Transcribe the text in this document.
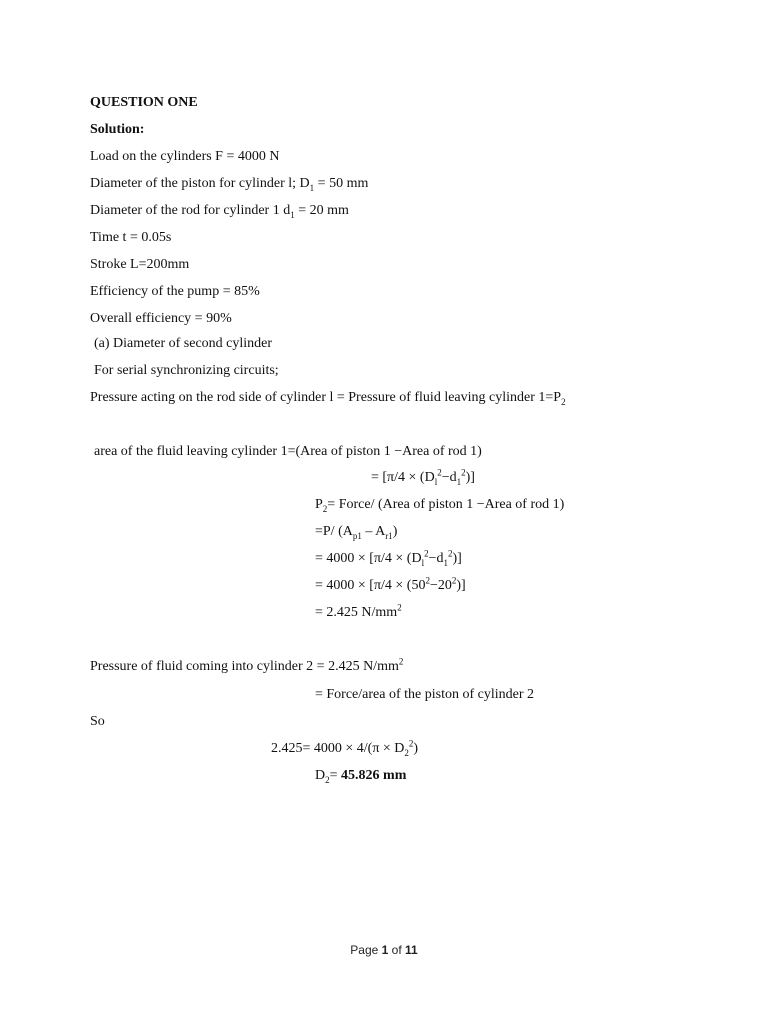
QUESTION ONE
Solution:
Load on the cylinders F = 4000 N
Diameter of the piston for cylinder l; $D_1 = 50$ mm
Diameter of the rod for cylinder 1 $d_1 = 20$ mm
Time t = 0.05s
Stroke L=200mm
Efficiency of the pump = 85%
Overall efficiency = 90%
(a) Diameter of second cylinder
For serial synchronizing circuits;
Pressure acting on the rod side of cylinder l = Pressure of fluid leaving cylinder $1=P_2$
area of the fluid leaving cylinder 1=(Area of piston 1 −Area of rod 1)
= $[\pi/4 \times (D_l^2-d_1^2)]$
$P_2=$ Force/ (Area of piston 1 −Area of rod 1)
=P/ $(A_{p1} - A_{r1})$
= $4000 \times [\pi/4 \times (D_l^2-d_1^2)]$
= $4000 \times [\pi/4 \times (50^2-20^2)]$
= 2.425 $N/mm^2$
Pressure of fluid coming into cylinder 2 = 2.425 $N/mm^2$
= Force/area of the piston of cylinder 2
So
$2.425= 4000 \times 4/(\pi \times D_2^2)$
$D_2= 45.826$ mm
Page 1 of 11
